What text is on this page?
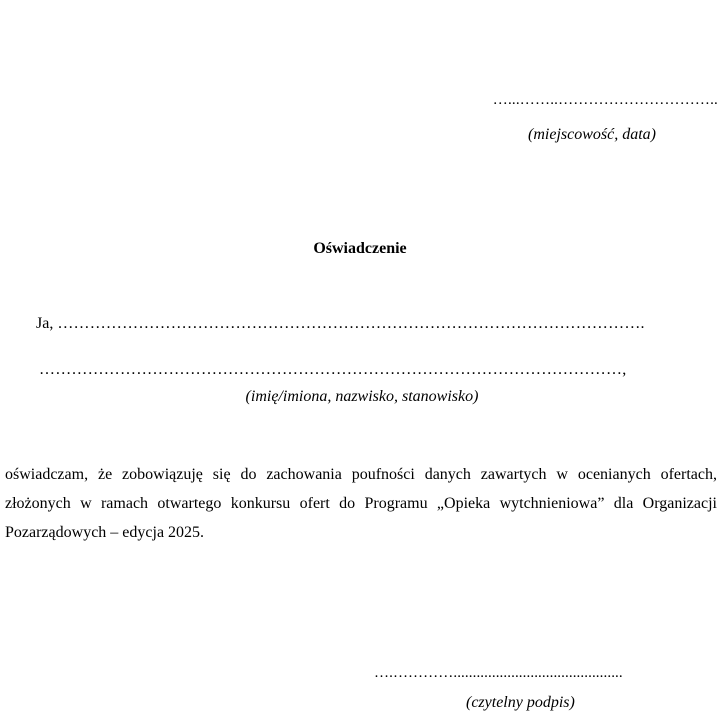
…...……..…………………………..
(miejscowość, data)
Oświadczenie
Ja, ……………………………………………………………………………………………….
………………………………………………………………………………………………,
(imię/imiona, nazwisko, stanowisko)
oświadczam, że zobowiązuję się do zachowania poufności danych zawartych w ocenianych ofertach,
złożonych w ramach otwartego konkursu ofert do Programu „Opieka wytchnieniowa” dla Organizacji
Pozarządowych – edycja 2025.
….…………............................................
(czytelny podpis)
